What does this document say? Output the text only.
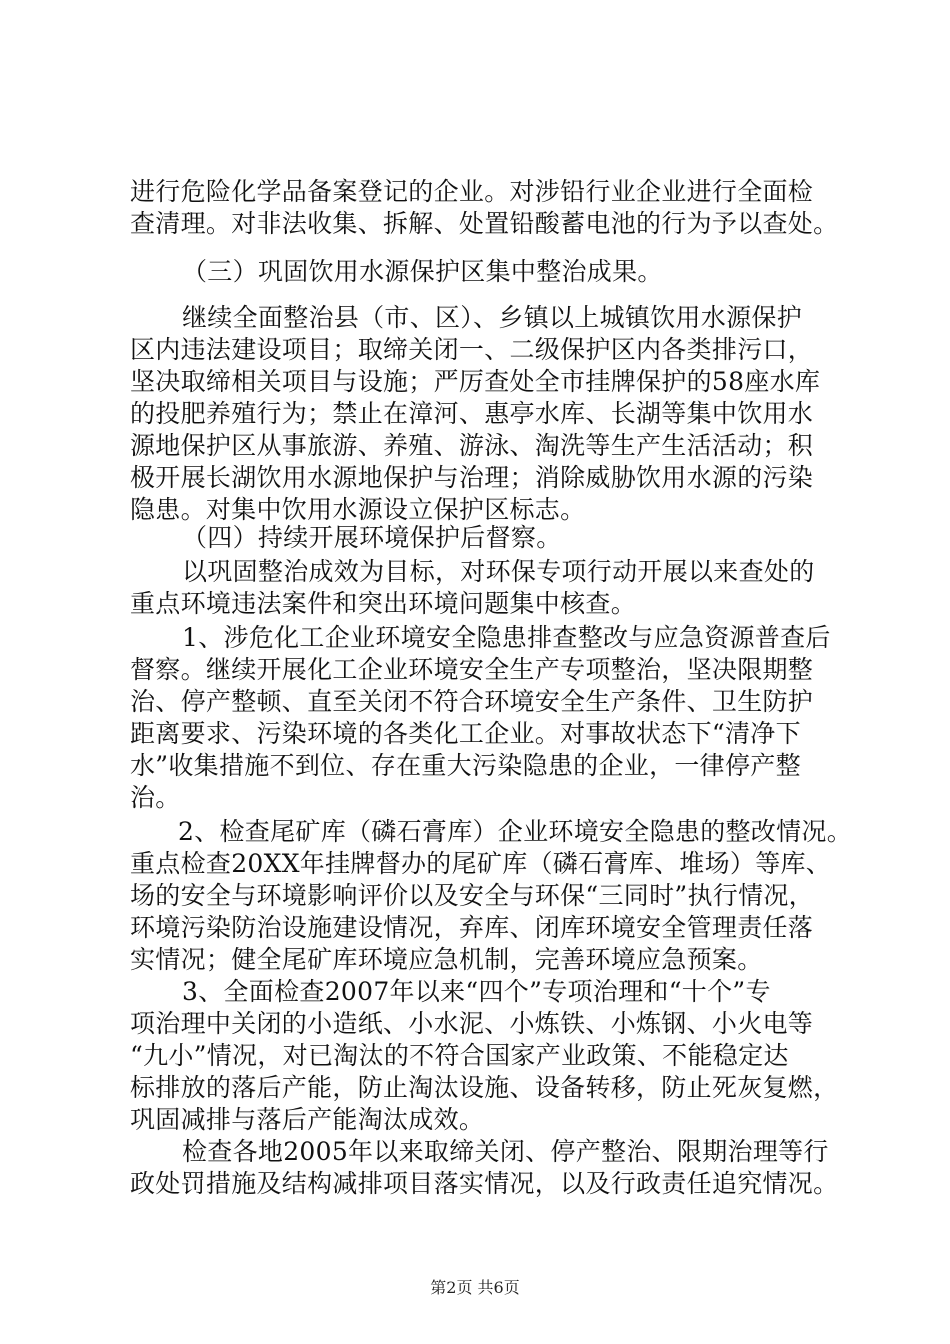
进行危险化学品备案登记的企业。对涉铅行业企业进行全面检
查清理。对非法收集、拆解、处置铅酸蓄电池的行为予以查处。
（三）巩固饮用水源保护区集中整治成果。
继续全面整治县（市、区）、乡镇以上城镇饮用水源保护
区内违法建设项目；取缔关闭一、二级保护区内各类排污口，
坚决取缔相关项目与设施；严厉查处全市挂牌保护的58座水库
的投肥养殖行为；禁止在漳河、惠亭水库、长湖等集中饮用水
源地保护区从事旅游、养殖、游泳、淘洗等生产生活活动；积
极开展长湖饮用水源地保护与治理；消除威胁饮用水源的污染
隐患。对集中饮用水源设立保护区标志。
（四）持续开展环境保护后督察。
以巩固整治成效为目标，对环保专项行动开展以来查处的
重点环境违法案件和突出环境问题集中核查。
1、涉危化工企业环境安全隐患排查整改与应急资源普查后
督察。继续开展化工企业环境安全生产专项整治，坚决限期整
治、停产整顿、直至关闭不符合环境安全生产条件、卫生防护
距离要求、污染环境的各类化工企业。对事故状态下“清净下
水”收集措施不到位、存在重大污染隐患的企业，一律停产整
治。
2、检查尾矿库（磷石膏库）企业环境安全隐患的整改情况。
重点检查20XX年挂牌督办的尾矿库（磷石膏库、堆场）等库、
场的安全与环境影响评价以及安全与环保“三同时”执行情况，
环境污染防治设施建设情况，弃库、闭库环境安全管理责任落
实情况；健全尾矿库环境应急机制，完善环境应急预案。
3、全面检查2007年以来“四个”专项治理和“十个”专
项治理中关闭的小造纸、小水泥、小炼铁、小炼钢、小火电等
“九小”情况，对已淘汰的不符合国家产业政策、不能稳定达
标排放的落后产能，防止淘汰设施、设备转移，防止死灰复燃，
巩固减排与落后产能淘汰成效。
检查各地2005年以来取缔关闭、停产整治、限期治理等行
政处罚措施及结构减排项目落实情况，以及行政责任追究情况。
第2页 共6页
